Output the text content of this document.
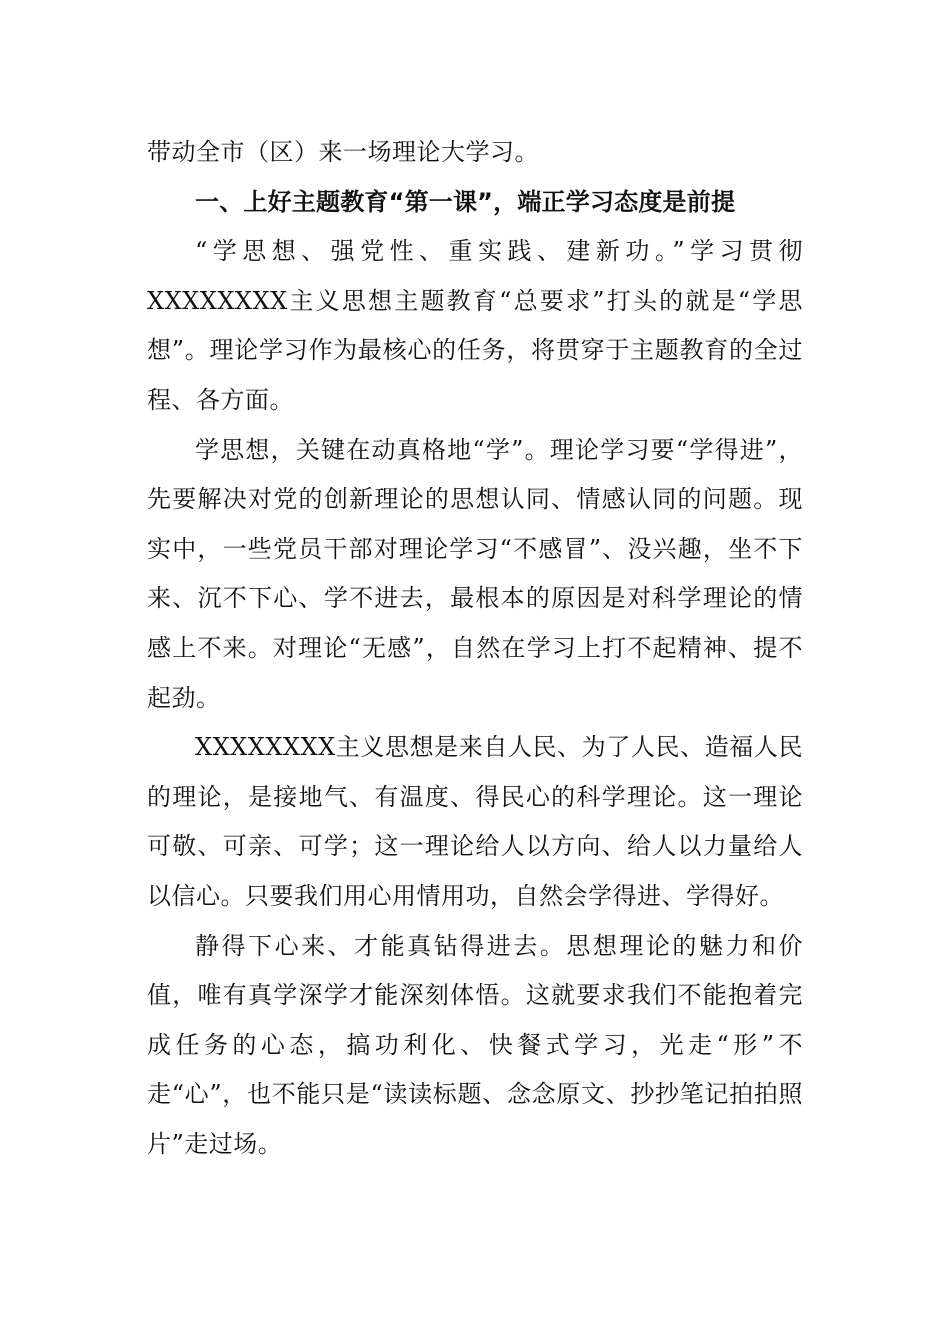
带动全市（区）来一场理论大学习。

一、上好主题教育“第一课”，端正学习态度是前提

“学思想、强党性、重实践、建新功。”学习贯彻XXXXXXXX主义思想主题教育“总要求”打头的就是“学思想”。理论学习作为最核心的任务，将贯穿于主题教育的全过程、各方面。

学思想，关键在动真格地“学”。理论学习要“学得进”，先要解决对党的创新理论的思想认同、情感认同的问题。现实中，一些党员干部对理论学习“不感冒”、没兴趣，坐不下来、沉不下心、学不进去，最根本的原因是对科学理论的情感上不来。对理论“无感”，自然在学习上打不起精神、提不起劲。

XXXXXXXX主义思想是来自人民、为了人民、造福人民的理论，是接地气、有温度、得民心的科学理论。这一理论可敬、可亲、可学；这一理论给人以方向、给人以力量给人以信心。只要我们用心用情用功，自然会学得进、学得好。

静得下心来、才能真钻得进去。思想理论的魅力和价值，唯有真学深学才能深刻体悟。这就要求我们不能抱着完成任务的心态，搞功利化、快餐式学习，光走“形”不走“心”，也不能只是“读读标题、念念原文、抄抄笔记拍拍照片”走过场。
